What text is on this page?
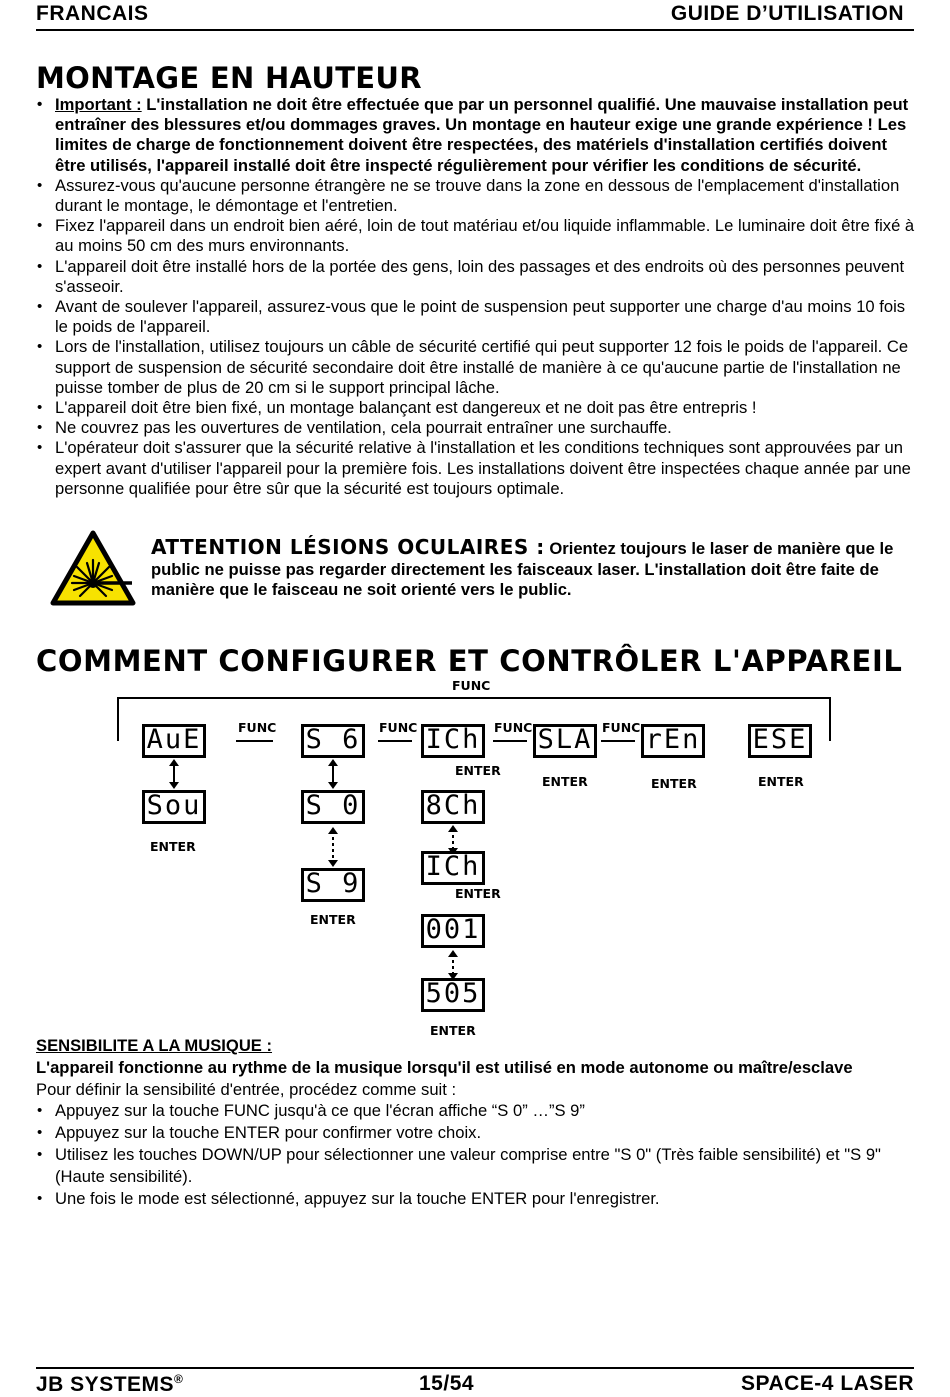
FRANCAIS	GUIDE D’UTILISATION
MONTAGE EN HAUTEUR
• Important : L'installation ne doit être effectuée que par un personnel qualifié. Une mauvaise installation peut entraîner des blessures et/ou dommages graves. Un montage en hauteur exige une grande expérience ! Les limites de charge de fonctionnement doivent être respectées, des matériels d'installation certifiés doivent être utilisés, l'appareil installé doit être inspecté régulièrement pour vérifier les conditions de sécurité.
• Assurez-vous qu'aucune personne étrangère ne se trouve dans la zone en dessous de l'emplacement d'installation durant le montage, le démontage et l'entretien.
• Fixez l'appareil dans un endroit bien aéré, loin de tout matériau et/ou liquide inflammable. Le luminaire doit être fixé à au moins 50 cm des murs environnants.
• L'appareil doit être installé hors de la portée des gens, loin des passages et des endroits où des personnes peuvent s'asseoir.
• Avant de soulever l'appareil, assurez-vous que le point de suspension peut supporter une charge d'au moins 10 fois le poids de l'appareil.
• Lors de l'installation, utilisez toujours un câble de sécurité certifié qui peut supporter 12 fois le poids de l'appareil. Ce support de suspension de sécurité secondaire doit être installé de manière à ce qu'aucune partie de l'installation ne puisse tomber de plus de 20 cm si le support principal lâche.
• L'appareil doit être bien fixé, un montage balançant est dangereux et ne doit pas être entrepris !
• Ne couvrez pas les ouvertures de ventilation, cela pourrait entraîner une surchauffe.
• L'opérateur doit s'assurer que la sécurité relative à l'installation et les conditions techniques sont approuvées par un expert avant d'utiliser l'appareil pour la première fois. Les installations doivent être inspectées chaque année par une personne qualifiée pour être sûr que la sécurité est toujours optimale.
ATTENTION LÉSIONS OCULAIRES : Orientez toujours le laser de manière que le public ne puisse pas regarder directement les faisceaux laser. L'installation doit être faite de manière que le faisceau ne soit orienté vers le public.
COMMENT CONFIGURER ET CONTRÔLER L'APPAREIL
FUNC
AuE	S 6 ICh SLA rEn ESE
FUNC	FUNC	FUNC	FUNC
ENTER
ENTER	ENTER	ENTER
Sou
ENTER
S 0
S 9
ENTER
8Ch
ICh
ENTER
001
505
ENTER
SENSIBILITE A LA MUSIQUE :
L'appareil fonctionne au rythme de la musique lorsqu'il est utilisé en mode autonome ou maître/esclave
Pour définir la sensibilité d'entrée, procédez comme suit :
• Appuyez sur la touche FUNC jusqu'à ce que l'écran affiche “S 0” …”S 9”
• Appuyez sur la touche ENTER pour confirmer votre choix.
• Utilisez les touches DOWN/UP pour sélectionner une valeur comprise entre "S 0" (Très faible sensibilité) et "S 9" (Haute sensibilité).
• Une fois le mode est sélectionné, appuyez sur la touche ENTER pour l'enregistrer.
JB SYSTEMS®	15/54	SPACE-4 LASER
